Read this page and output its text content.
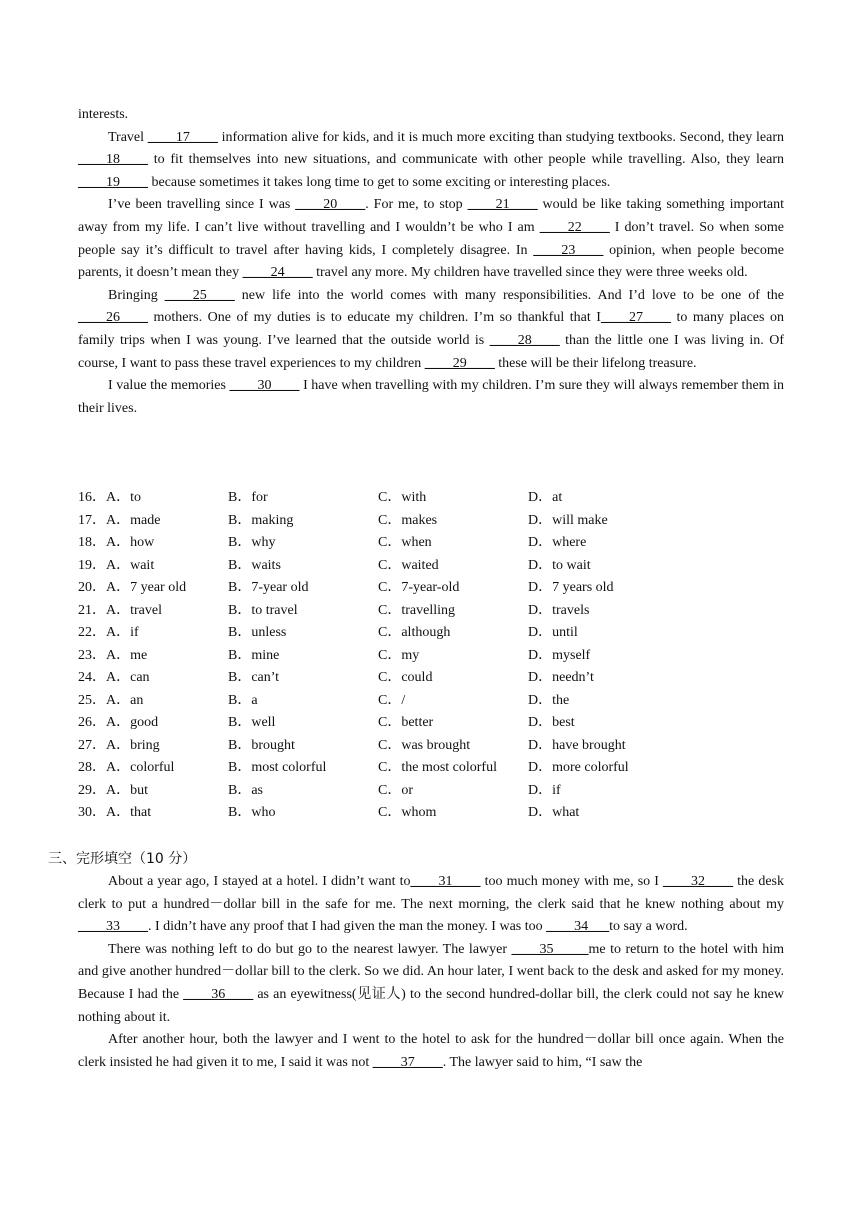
interests.

Travel ____17____ information alive for kids, and it is much more exciting than studying textbooks. Second, they learn ____18____ to fit themselves into new situations, and communicate with other people while travelling. Also, they learn ____19____ because sometimes it takes long time to get to some exciting or interesting places.

I’ve been travelling since I was ____20____. For me, to stop ____21____ would be like taking something important away from my life. I can’t live without travelling and I wouldn’t be who I am ____22____ I don’t travel. So when some people say it’s difficult to travel after having kids, I completely disagree. In ____23____ opinion, when people become parents, it doesn’t mean they ____24____ travel any more. My children have travelled since they were three weeks old.

Bringing ____25____ new life into the world comes with many responsibilities. And I’d love to be one of the ____26____ mothers. One of my duties is to educate my children. I’m so thankful that I____27____ to many places on family trips when I was young. I’ve learned that the outside world is ____28____ than the little one I was living in. Of course, I want to pass these travel experiences to my children ____29____ these will be their lifelong treasure.

I value the memories ____30____ I have when travelling with my children. I’m sure they will always remember them in their lives.

16．A．to	B．for	C．with	D．at
17．A．made	B．making	C．makes	D．will make
18．A．how	B．why	C．when	D．where
19．A．wait	B．waits	C．waited	D．to wait
20．A．7 year old	B．7-year old	C．7-year-old	D．7 years old
21．A．travel	B．to travel	C．travelling	D．travels
22．A．if	B．unless	C．although	D．until
23．A．me	B．mine	C．my	D．myself
24．A．can	B．can’t	C．could	D．needn’t
25．A．an	B．a	C．/	D．the
26．A．good	B．well	C．better	D．best
27．A．bring	B．brought	C．was brought	D．have brought
28．A．colorful	B．most colorful	C．the most colorful D．more colorful
29．A．but	B．as	C．or	D．if
30．A．that	B．who	C．whom	D．what
三、完形填空（10 分）

About a year ago, I stayed at a hotel. I didn’t want to____31____ too much money with me, so I ____32____ the desk clerk to put a hundred－dollar bill in the safe for me. The next morning, the clerk said that he knew nothing about my ____33____. I didn’t have any proof that I had given the man the money. I was too ____34___to say a word.

There was nothing left to do but go to the nearest lawyer. The lawyer ____35_____me to return to the hotel with him and give another hundred－dollar bill to the clerk. So we did. An hour later, I went back to the desk and asked for my money. Because I had the ____36____ as an eyewitness(见证人) to the second hundred-dollar bill, the clerk could not say he knew nothing about it.

After another hour, both the lawyer and I went to the hotel to ask for the hundred－dollar bill once again. When the clerk insisted he had given it to me, I said it was not ____37____. The lawyer said to him, “I saw the
